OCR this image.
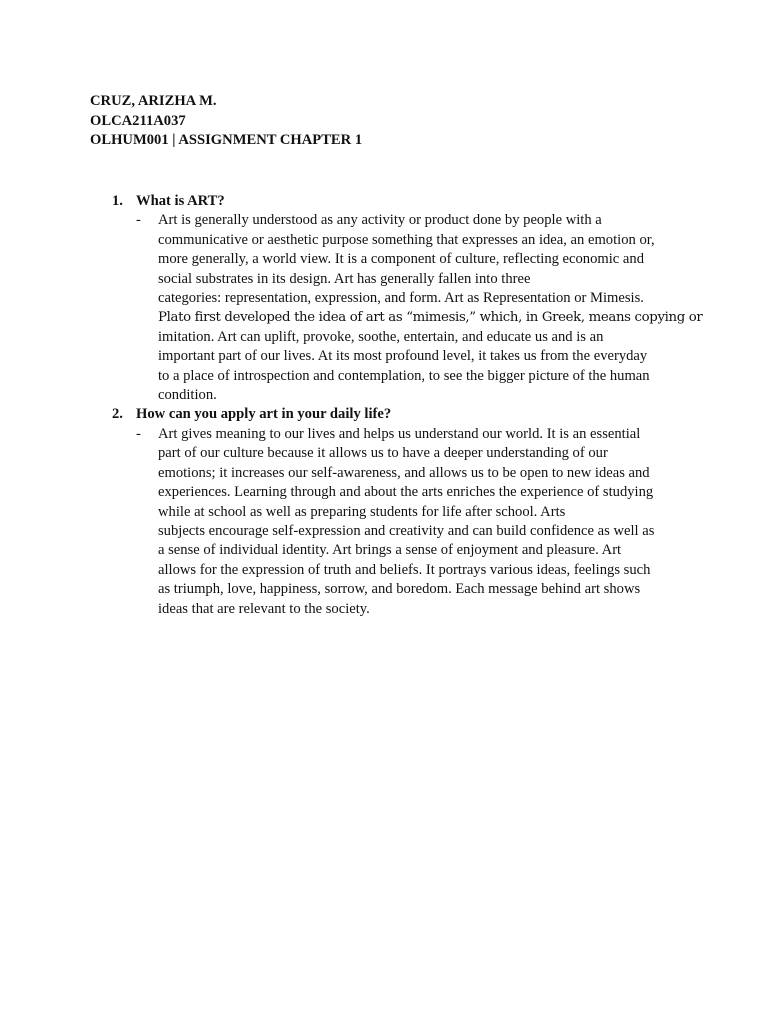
CRUZ, ARIZHA M.
OLCA211A037
OLHUM001 | ASSIGNMENT CHAPTER 1
1. What is ART?
- Art is generally understood as any activity or product done by people with a
communicative or aesthetic purpose something that expresses an idea, an emotion or,
more generally, a world view. It is a component of culture, reflecting economic and
social substrates in its design. Art has generally fallen into three
categories: representation, expression, and form. Art as Representation or Mimesis.
Plato first developed the idea of art as “mimesis,” which, in Greek, means copying or
imitation. Art can uplift, provoke, soothe, entertain, and educate us and is an
important part of our lives. At its most profound level, it takes us from the everyday
to a place of introspection and contemplation, to see the bigger picture of the human
condition.
2. How can you apply art in your daily life?
- Art gives meaning to our lives and helps us understand our world. It is an essential
part of our culture because it allows us to have a deeper understanding of our
emotions; it increases our self-awareness, and allows us to be open to new ideas and
experiences. Learning through and about the arts enriches the experience of studying
while at school as well as preparing students for life after school. Arts
subjects encourage self-expression and creativity and can build confidence as well as
a sense of individual identity. Art brings a sense of enjoyment and pleasure. Art
allows for the expression of truth and beliefs. It portrays various ideas, feelings such
as triumph, love, happiness, sorrow, and boredom. Each message behind art shows
ideas that are relevant to the society.
